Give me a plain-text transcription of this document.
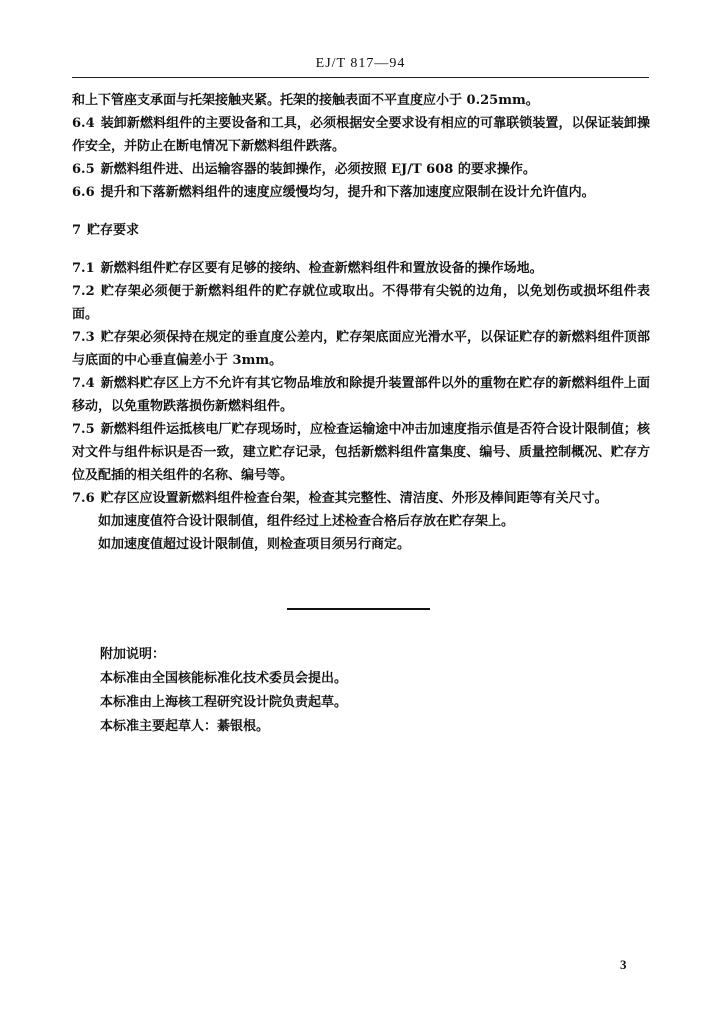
EJ/T 817—94

和上下管座支承面与托架接触夹紧。托架的接触表面不平直度应小于 0.25mm。

6.4 装卸新燃料组件的主要设备和工具，必须根据安全要求设有相应的可靠联锁装置，以保证装卸操作安全，并防止在断电情况下新燃料组件跌落。

6.5 新燃料组件进、出运输容器的装卸操作，必须按照 EJ/T 608 的要求操作。

6.6 提升和下落新燃料组件的速度应缓慢均匀，提升和下落加速度应限制在设计允许值内。

7 贮存要求

7.1 新燃料组件贮存区要有足够的接纳、检查新燃料组件和置放设备的操作场地。

7.2 贮存架必须便于新燃料组件的贮存就位或取出。不得带有尖锐的边角，以免划伤或损坏组件表面。

7.3 贮存架必须保持在规定的垂直度公差内，贮存架底面应光滑水平，以保证贮存的新燃料组件顶部与底面的中心垂直偏差小于 3mm。

7.4 新燃料贮存区上方不允许有其它物品堆放和除提升装置部件以外的重物在贮存的新燃料组件上面移动，以免重物跌落损伤新燃料组件。

7.5 新燃料组件运抵核电厂贮存现场时，应检查运输途中冲击加速度指示值是否符合设计限制值；核对文件与组件标识是否一致，建立贮存记录，包括新燃料组件富集度、编号、质量控制概况、贮存方位及配插的相关组件的名称、编号等。

7.6 贮存区应设置新燃料组件检查台架，检查其完整性、清洁度、外形及棒间距等有关尺寸。

如加速度值符合设计限制值，组件经过上述检查合格后存放在贮存架上。

如加速度值超过设计限制值，则检查项目须另行商定。

附加说明：

本标准由全国核能标准化技术委员会提出。

本标准由上海核工程研究设计院负责起草。

本标准主要起草人：綦银根。

3
